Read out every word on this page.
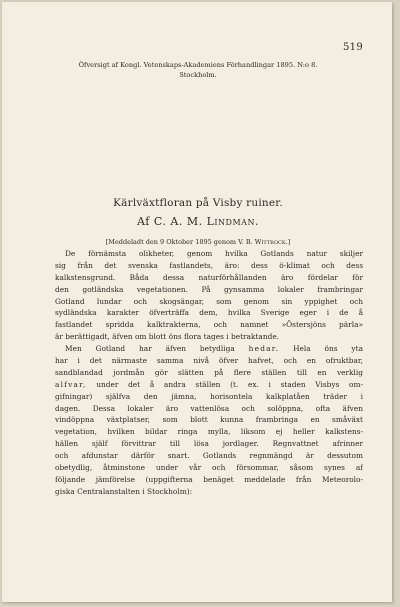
519
Öfversigt af Kongl. Vetenskaps-Akademiens Förhandlingar 1895. N:o 8.
Stockholm.
Kärlväxtfloran på Visby ruiner.
Af C. A. M. Lindman.
[Meddeladt den 9 Oktober 1895 genom V. B. Wittrock.]
De förnämsta olikheter, genom hvilka Gotlands natur skiljer
sig från det svenska fastlandets, äro: dess ö-klimat och dess
kalkstensgrund. Båda dessa naturförhållanden äro fördelar för
den gotländska vegetationen. På gynsamma lokaler frambringar
Gotland lundar och skogsängar, som genom sin yppighet och
sydländska karakter öfverträffa dem, hvilka Sverige eger i de å
fastlandet spridda kalktrakterna, och namnet »Östersjöns pärla»
är berättigadt, äfven om blott öns flora tages i betraktande.
Men Gotland har äfven betydliga hedar. Hela öns yta
har i det närmaste samma nivå öfver hafvet, och en ofruktbar,
sandblandad jordmån gör slätten på flere ställen till en verklig
alfvar, under det å andra ställen (t. ex. i staden Visbys om-
gifningar) själfva den jämna, horisontela kalkplatåen träder i
dagen. Dessa lokaler äro vattenlösa och solöppna, ofta äfven
vindöppna växtplatser, som blott kunna frambringa en småväxt
vegetation, hvilken bildar ringa mylla, liksom ej heller kalkstens-
hällen själf förvittrar till lösa jordlager. Regnvattnet afrinner
och afdunstar därför snart. Gotlands regnmängd är dessutom
obetydlig, åtminstone under vår och försommar, såsom synes af
följande jämförelse (uppgifterna benäget meddelade från Meteorolo-
giska Centralanstalten i Stockholm):
